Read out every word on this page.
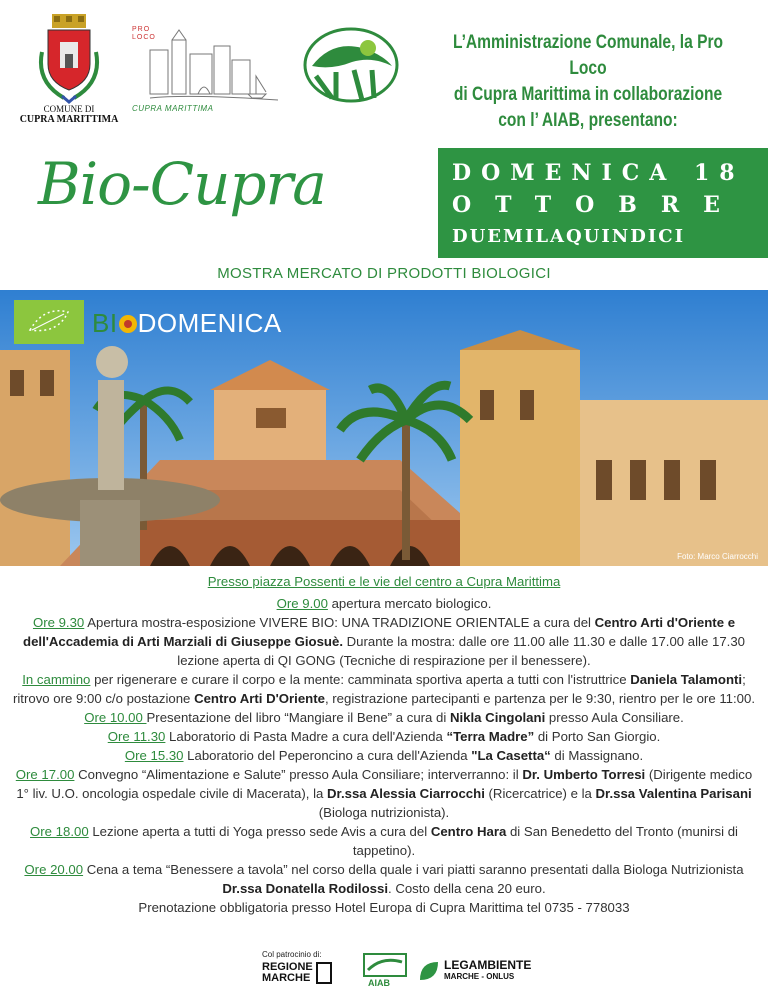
COMUNE DI
CUPRA MARITTIMA
PRO LOCO
CUPRA MARITTIMA
L’Amministrazione Comunale, la Pro Loco
di Cupra Marittima in collaborazione
con l’ AIAB, presentano:
Bio-Cupra	DOMENICA 18
OTTOBRE
DUEMILAQUINDICI
MOSTRA MERCATO DI PRODOTTI BIOLOGICI
BI DOMENICA
Foto: Marco Ciarrocchi
Presso piazza Possenti e le vie del centro a Cupra Marittima
Ore 9.00 apertura mercato biologico.
Ore 9.30 Apertura mostra-esposizione VIVERE BIO: UNA TRADIZIONE ORIENTALE a cura del Centro Arti d'Oriente e dell'Accademia di Arti Marziali di Giuseppe Giosuè. Durante la mostra: dalle ore 11.00 alle 11.30 e dalle 17.00 alle 17.30 lezione aperta di QI GONG (Tecniche di respirazione per il benessere).
In cammino per rigenerare e curare il corpo e la mente: camminata sportiva aperta a tutti con l'istruttrice Daniela Talamonti; ritrovo ore 9:00 c/o postazione Centro Arti D'Oriente, registrazione partecipanti e partenza per le 9:30, rientro per le ore 11:00.
Ore 10.00 Presentazione del libro “Mangiare il Bene” a cura di Nikla Cingolani presso Aula Consiliare.
Ore 11.30 Laboratorio di Pasta Madre a cura dell'Azienda “Terra Madre” di Porto San Giorgio.
Ore 15.30 Laboratorio del Peperoncino a cura dell'Azienda "La Casetta“ di Massignano.
Ore 17.00 Convegno “Alimentazione e Salute” presso Aula Consiliare; interverranno: il Dr. Umberto Torresi (Dirigente medico 1° liv. U.O. oncologia ospedale civile di Macerata), la Dr.ssa Alessia Ciarrocchi (Ricercatrice) e la Dr.ssa Valentina Parisani (Biologa nutrizionista).
Ore 18.00 Lezione aperta a tutti di Yoga presso sede Avis a cura del Centro Hara di San Benedetto del Tronto (munirsi di tappetino).
Ore 20.00 Cena a tema “Benessere a tavola” nel corso della quale i vari piatti saranno presentati dalla Biologa Nutrizionista Dr.ssa Donatella Rodilossi. Costo della cena 20 euro.
Prenotazione obbligatoria presso Hotel Europa di Cupra Marittima tel 0735 - 778033
Col patrocinio di:
REGIONE
MARCHE	AIAB
LEGAMBIENTE
MARCHE - ONLUS
